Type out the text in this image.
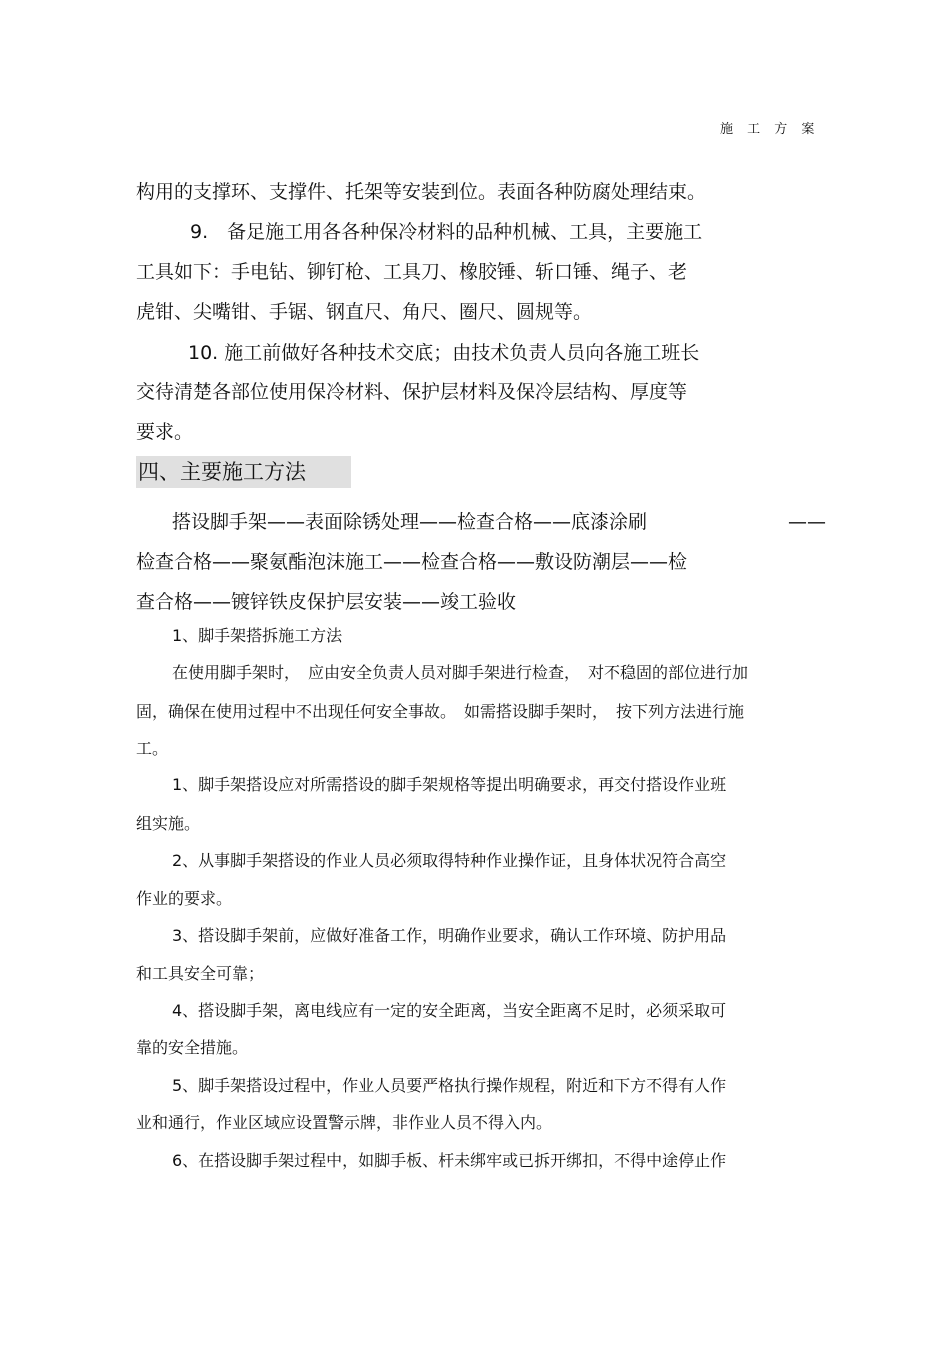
施 工 方 案
构用的支撑环、支撑件、托架等安装到位。表面各种防腐处理结束。
9.　备足施工用各各种保冷材料的品种机械、工具，主要施工
工具如下：手电钻、铆钉枪、工具刀、橡胶锤、斩口锤、绳子、老
虎钳、尖嘴钳、手锯、钢直尺、角尺、圈尺、圆规等。
10. 施工前做好各种技术交底；由技术负责人员向各施工班长
交待清楚各部位使用保冷材料、保护层材料及保冷层结构、厚度等
要求。
四、主要施工方法
搭设脚手架——表面除锈处理——检查合格——底漆涂刷	——
检查合格——聚氨酯泡沫施工——检查合格——敷设防潮层——检
查合格——镀锌铁皮保护层安装——竣工验收
1、脚手架搭拆施工方法
在使用脚手架时，　应由安全负责人员对脚手架进行检查，　对不稳固的部位进行加
固，确保在使用过程中不出现任何安全事故。　如需搭设脚手架时，　按下列方法进行施
工。
1、脚手架搭设应对所需搭设的脚手架规格等提出明确要求，再交付搭设作业班
组实施。
2、从事脚手架搭设的作业人员必须取得特种作业操作证，且身体状况符合高空
作业的要求。
3、搭设脚手架前，应做好准备工作，明确作业要求，确认工作环境、防护用品
和工具安全可靠；
4、搭设脚手架，离电线应有一定的安全距离，当安全距离不足时，必须采取可
靠的安全措施。
5、脚手架搭设过程中，作业人员要严格执行操作规程，附近和下方不得有人作
业和通行，作业区域应设置警示牌，非作业人员不得入内。
6、在搭设脚手架过程中，如脚手板、杆未绑牢或已拆开绑扣，不得中途停止作
